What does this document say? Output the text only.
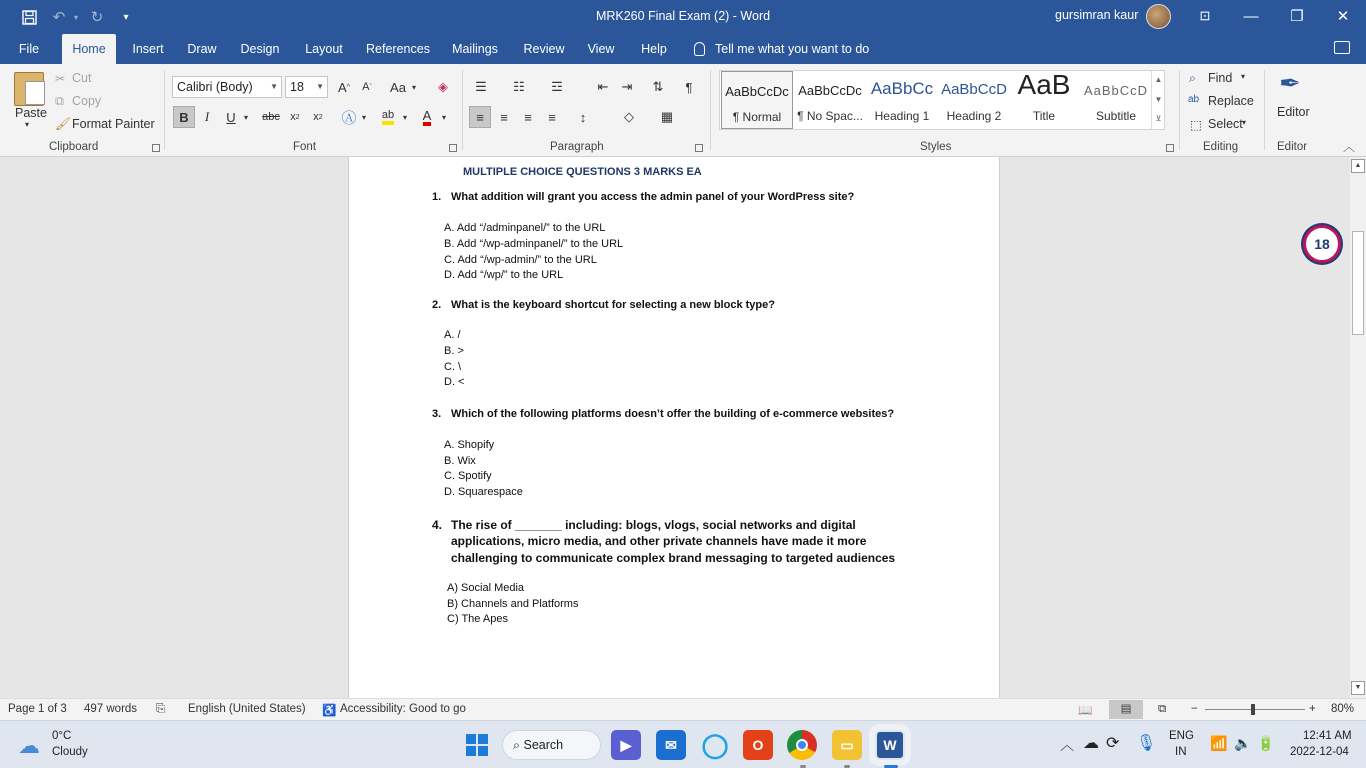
↶	▾ ↻	▾	MRK260 Final Exam (2) - Word	gursimran kaur	⊡	—	❐	✕
File	Home	Insert	Draw	Design	Layout	References	Mailings	Review	View	Help	Tell me what you want to do
Paste
▾
✂ Cut
⧉ Copy
🖌 Format Painter
Clipboard
Calibri (Body) ▼ 18 ▼	A ^	A ˇ Aa ▾	◈
B	I	U	▾	abc x 2	x 2 Ⓐ ▾	ab	▾	A	▾
Font
☰	☷	☲	⇤	⇥	⇅	¶
≡	≡	≡	≡	↕	◇	▦
Paragraph
AaBbCcDc
¶ Normal
AaBbCcDc
¶ No Spac...
AaBbCc
Heading 1
AaBbCcD
Heading 2
AaB
Title
AaBbCcD
Subtitle
▲
▼
⊻
Styles
⌕ Find ▾
ab Replace
⬚ Select ▾
Editing
✒
Editor
Editor	︿
MULTIPLE CHOICE QUESTIONS 3 MARKS EA
1. What addition will grant you access the admin panel of your WordPress site?
A. Add “/adminpanel/” to the URL
B. Add “/wp-adminpanel/” to the URL
C. Add “/wp-admin/” to the URL
D. Add “/wp/” to the URL
2. What is the keyboard shortcut for selecting a new block type?
A. /
B. >
C. \
D. <
3. Which of the following platforms doesn’t offer the building of e-commerce websites?
A. Shopify
B. Wix
C. Spotify
D. Squarespace
4. The rise of _______ including: blogs, vlogs, social networks and digital
applications, micro media, and other private channels have made it more
challenging to communicate complex brand messaging to targeted audiences
A) Social Media
B) Channels and Platforms
C) The Apes
18
▲
▼
Page 1 of 3 497 words ⎘ English (United States) ♿ Accessibility: Good to go	📖	▤	⧉ −	+ 80%
☁ 0°C
Cloudy	⌕ Search	▶	✉	◯	O	▭	W	︿ ☁ ⟳ 🎙 ENG
IN
📶 🔈 🔋 12:41 AM
2022-12-04
